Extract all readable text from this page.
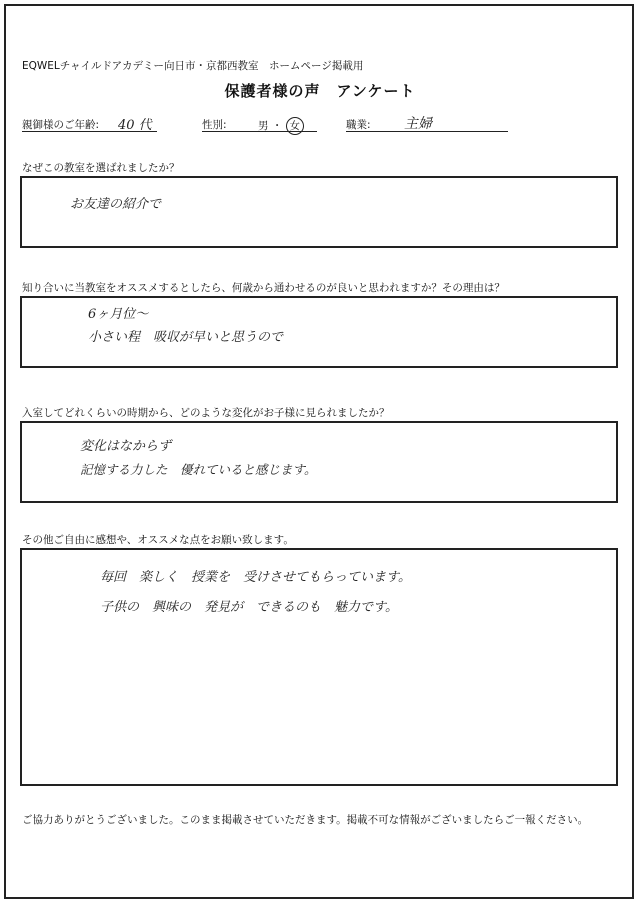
EQWELチャイルドアカデミー向日市・京都西教室　ホームページ掲載用
保護者様の声　アンケート
親御様のご年齢: 40 代	性別:	男 ・ 女	職業: 主婦
なぜこの教室を選ばれましたか？
お友達の紹介で
知り合いに当教室をオススメするとしたら、何歳から通わせるのが良いと思われますか？その理由は？
6ヶ月位～
小さい程　吸収が早いと思うので
入室してどれくらいの時期から、どのような変化がお子様に見られましたか？
変化はなからず
記憶する力した　優れていると感じます。
その他ご自由に感想や、オススメな点をお願い致します。
毎回　楽しく　授業を　受けさせてもらっています。
子供の　興味の　発見が　できるのも　魅力です。
ご協力ありがとうございました。このまま掲載させていただきます。掲載不可な情報がございましたらご一報ください。
